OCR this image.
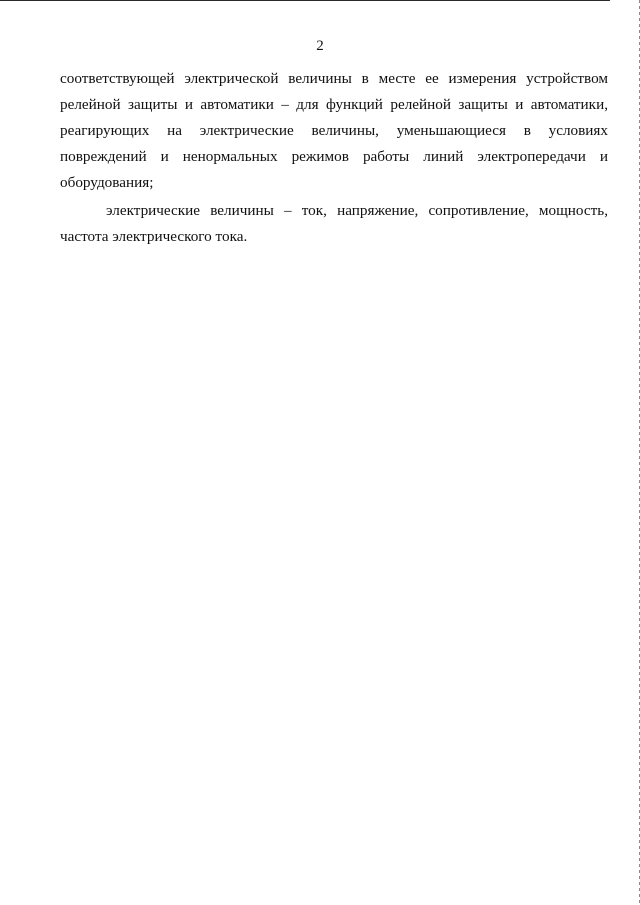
2

соответствующей электрической величины в месте ее измерения устройством релейной защиты и автоматики – для функций релейной защиты и автоматики, реагирующих на электрические величины, уменьшающиеся в условиях повреждений и ненормальных режимов работы линий электропередачи и оборудования;

электрические величины – ток, напряжение, сопротивление, мощность, частота электрического тока.
